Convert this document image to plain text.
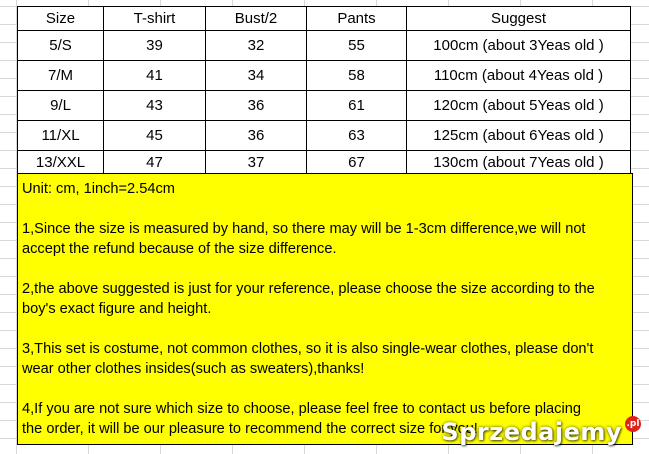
Size	T-shirt	Bust/2	Pants	Suggest
5/S	39	32	55	100cm (about 3Yeas old )
7/M	41	34	58	110cm (about 4Yeas old )
9/L	43	36	61	120cm (about 5Yeas old )
11/XL	45	36	63	125cm (about 6Yeas old )
13/XXL	47	37	67	130cm (about 7Yeas old )

Unit: cm, 1inch=2.54cm

1,Since the size is measured by hand, so there may will be 1-3cm difference,we will not
accept the refund because of the size difference.

2,the above suggested is just for your reference, please choose the size according to the
boy's exact figure and height.

3,This set is costume, not common clothes, so it is also single-wear clothes, please don't
wear other clothes insides(such as sweaters),thanks!

4,If you are not sure which size to choose, please feel free to contact us before placing
the order, it will be our pleasure to recommend the correct size for you!

Sprzedajemy .pl
